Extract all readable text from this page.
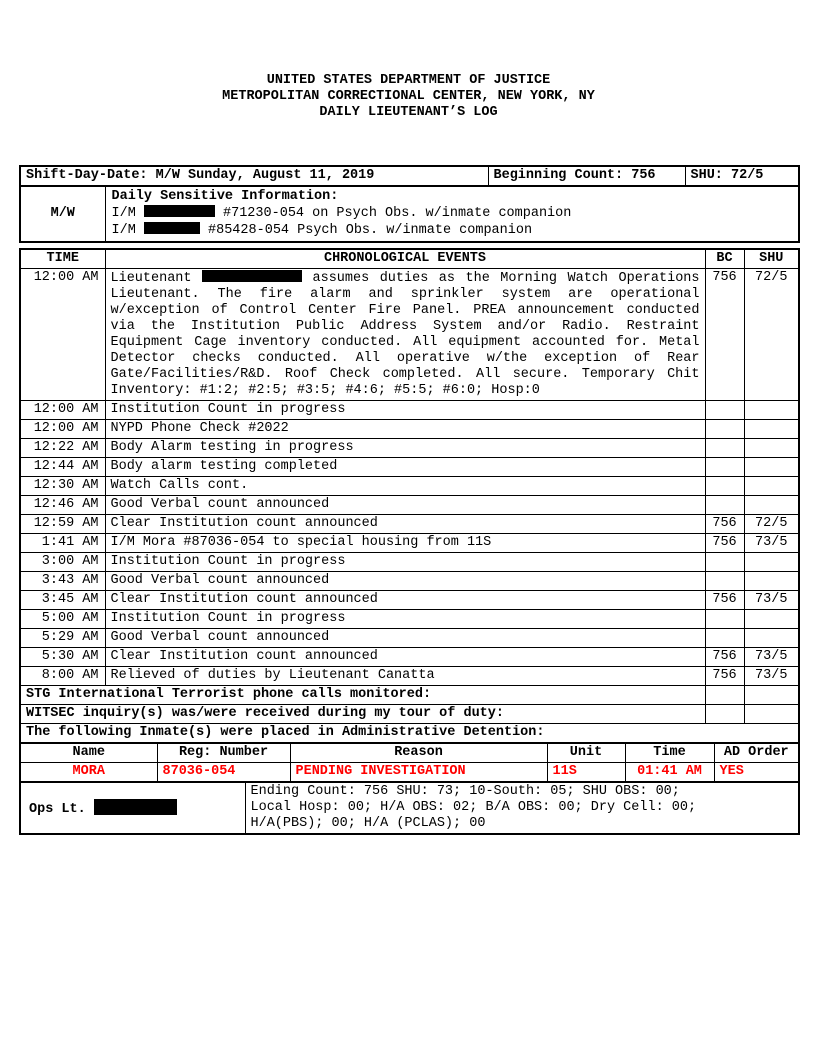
UNITED STATES DEPARTMENT OF JUSTICE
METROPOLITAN CORRECTIONAL CENTER, NEW YORK, NY
DAILY LIEUTENANT’S LOG
Shift-Day-Date: M/W Sunday, August 11, 2019	Beginning Count: 756	SHU: 72/5
M/W	
Daily Sensitive Information:
I/M	#71230-054 on Psych Obs. w/inmate companion
I/M	#85428-054 Psych Obs. w/inmate companion
TIME	CHRONOLOGICAL EVENTS	BC	SHU
12:00 AM	Lieutenant assumes duties as the Morning Watch Operations Lieutenant. The fire alarm and sprinkler system are operational w/exception of Control Center Fire Panel. PREA announcement conducted via the Institution Public Address System and/or Radio. Restraint Equipment Cage inventory conducted. All equipment accounted for. Metal Detector checks conducted. All operative w/the exception of Rear Gate/Facilities/R&D. Roof Check completed. All secure. Temporary Chit Inventory: #1:2; #2:5; #3:5; #4:6; #5:5; #6:0; Hosp:0	756	72/5
12:00 AM	Institution Count in progress		
12:00 AM	NYPD Phone Check #2022		
12:22 AM	Body Alarm testing in progress		
12:44 AM	Body alarm testing completed		
12:30 AM	Watch Calls cont.		
12:46 AM	Good Verbal count announced		
12:59 AM	Clear Institution count announced	756	72/5
1:41 AM	I/M Mora #87036-054 to special housing from 11S	756	73/5
3:00 AM	Institution Count in progress		
3:43 AM	Good Verbal count announced		
3:45 AM	Clear Institution count announced	756	73/5
5:00 AM	Institution Count in progress		
5:29 AM	Good Verbal count announced		
5:30 AM	Clear Institution count announced	756	73/5
8:00 AM	Relieved of duties by Lieutenant Canatta	756	73/5
STG International Terrorist phone calls monitored:			
WITSEC inquiry(s) was/were received during my tour of duty:			
The following Inmate(s) were placed in Administrative Detention:			
Name	Reg: Number	Reason	Unit	Time	AD Order
MORA	87036-054	PENDING INVESTIGATION	11S	01:41 AM	YES
Ops Lt.	
Ending Count: 756 SHU: 73; 10-South: 05; SHU OBS: 00;
Local Hosp: 00; H/A OBS: 02; B/A OBS: 00; Dry Cell: 00;
H/A(PBS); 00; H/A (PCLAS); 00
